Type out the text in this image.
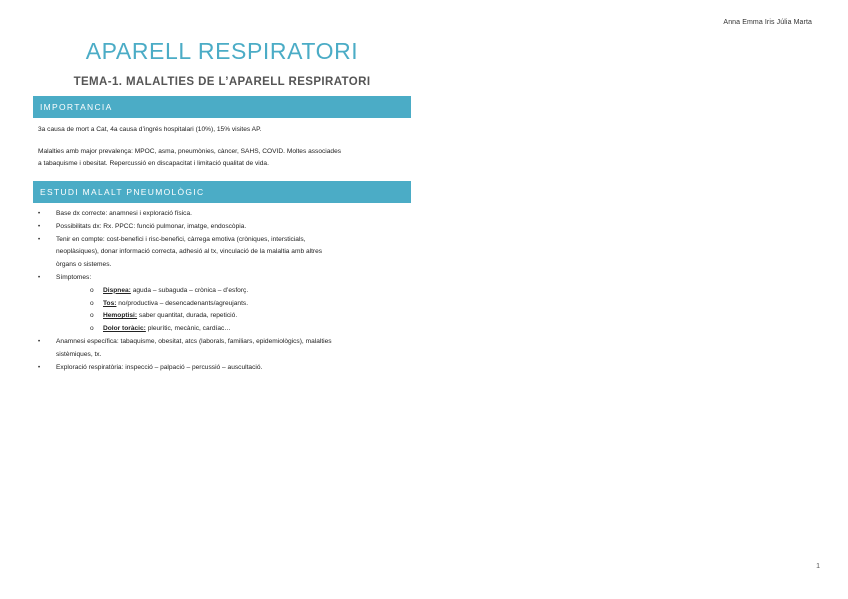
Anna Emma Iris Júlia Marta
APARELL RESPIRATORI
TEMA-1. MALALTIES DE L’APARELL RESPIRATORI
IMPORTANCIA

3a causa de mort a Cat, 4a causa d’ingrés hospitalari (10%), 15% visites AP.

Malalties amb major prevalença: MPOC, asma, pneumònies, càncer, SAHS, COVID. Moltes associades
a tabaquisme i obesitat. Repercussió en discapacitat i limitació qualitat de vida.

ESTUDI MALALT PNEUMOLÒGIC
• Base dx correcte: anamnesi i exploració física.
• Possibilitats dx: Rx. PPCC: funció pulmonar, imatge, endoscòpia.
• Tenir en compte: cost-benefici i risc-benefici, càrrega emotiva (cròniques, intersticials,
neoplàsiques), donar informació correcta, adhesió al tx, vinculació de la malaltia amb altres
òrgans o sistemes.
• Símptomes:
o Dispnea: aguda – subaguda – crònica – d’esforç.
o Tos: no/productiva – desencadenants/agreujants.
o Hemoptisi: saber quantitat, durada, repetició.
o Dolor toràcic: pleurític, mecànic, cardíac…
• Anamnesi específica: tabaquisme, obesitat, atcs (laborals, familiars, epidemiològics), malalties
sistèmiques, tx.
• Exploració respiratòria: inspecció – palpació – percussió – auscultació.
1
